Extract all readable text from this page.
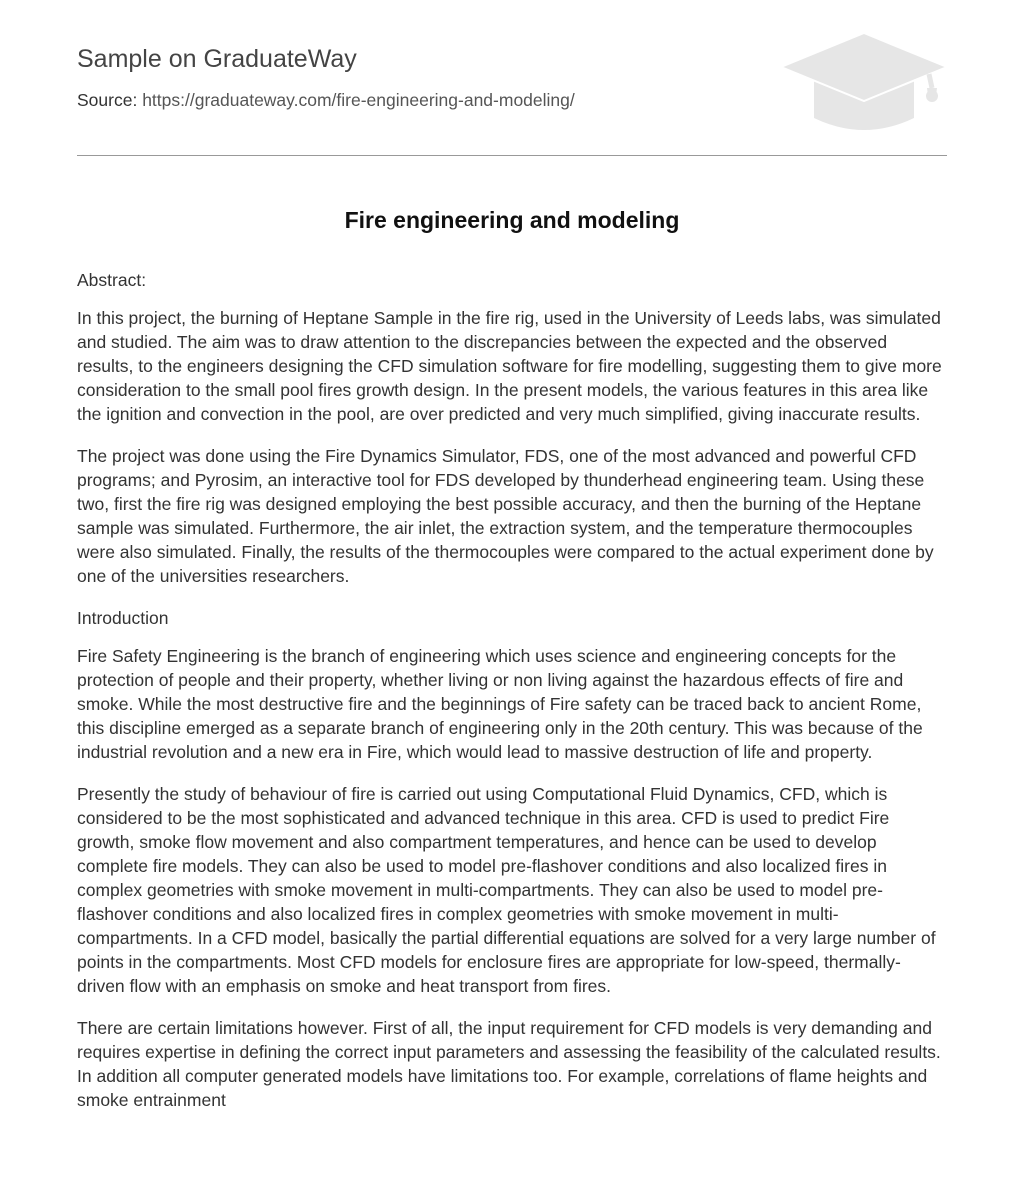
Sample on GraduateWay
Source: https://graduateway.com/fire-engineering-and-modeling/
Fire engineering and modeling

Abstract:

In this project, the burning of Heptane Sample in the fire rig, used in the University of Leeds labs, was simulated and studied. The aim was to draw attention to the discrepancies between the expected and the observed results, to the engineers designing the CFD simulation software for fire modelling, suggesting them to give more consideration to the small pool fires growth design. In the present models, the various features in this area like the ignition and convection in the pool, are over predicted and very much simplified, giving inaccurate results.

The project was done using the Fire Dynamics Simulator, FDS, one of the most advanced and powerful CFD programs; and Pyrosim, an interactive tool for FDS developed by thunderhead engineering team. Using these two, first the fire rig was designed employing the best possible accuracy, and then the burning of the Heptane sample was simulated. Furthermore, the air inlet, the extraction system, and the temperature thermocouples were also simulated. Finally, the results of the thermocouples were compared to the actual experiment done by one of the universities researchers.

Introduction

Fire Safety Engineering is the branch of engineering which uses science and engineering concepts for the protection of people and their property, whether living or non living against the hazardous effects of fire and smoke. While the most destructive fire and the beginnings of Fire safety can be traced back to ancient Rome, this discipline emerged as a separate branch of engineering only in the 20th century. This was because of the industrial revolution and a new era in Fire, which would lead to massive destruction of life and property.

Presently the study of behaviour of fire is carried out using Computational Fluid Dynamics, CFD, which is considered to be the most sophisticated and advanced technique in this area. CFD is used to predict Fire growth, smoke flow movement and also compartment temperatures, and hence can be used to develop complete fire models. They can also be used to model pre-flashover conditions and also localized fires in complex geometries with smoke movement in multi-compartments. They can also be used to model pre-flashover conditions and also localized fires in complex geometries with smoke movement in multi-compartments. In a CFD model, basically the partial differential equations are solved for a very large number of points in the compartments. Most CFD models for enclosure fires are appropriate for low-speed, thermally-driven flow with an emphasis on smoke and heat transport from fires.

There are certain limitations however. First of all, the input requirement for CFD models is very demanding and requires expertise in defining the correct input parameters and assessing the feasibility of the calculated results. In addition all computer generated models have limitations too. For example, correlations of flame heights and smoke entrainment
